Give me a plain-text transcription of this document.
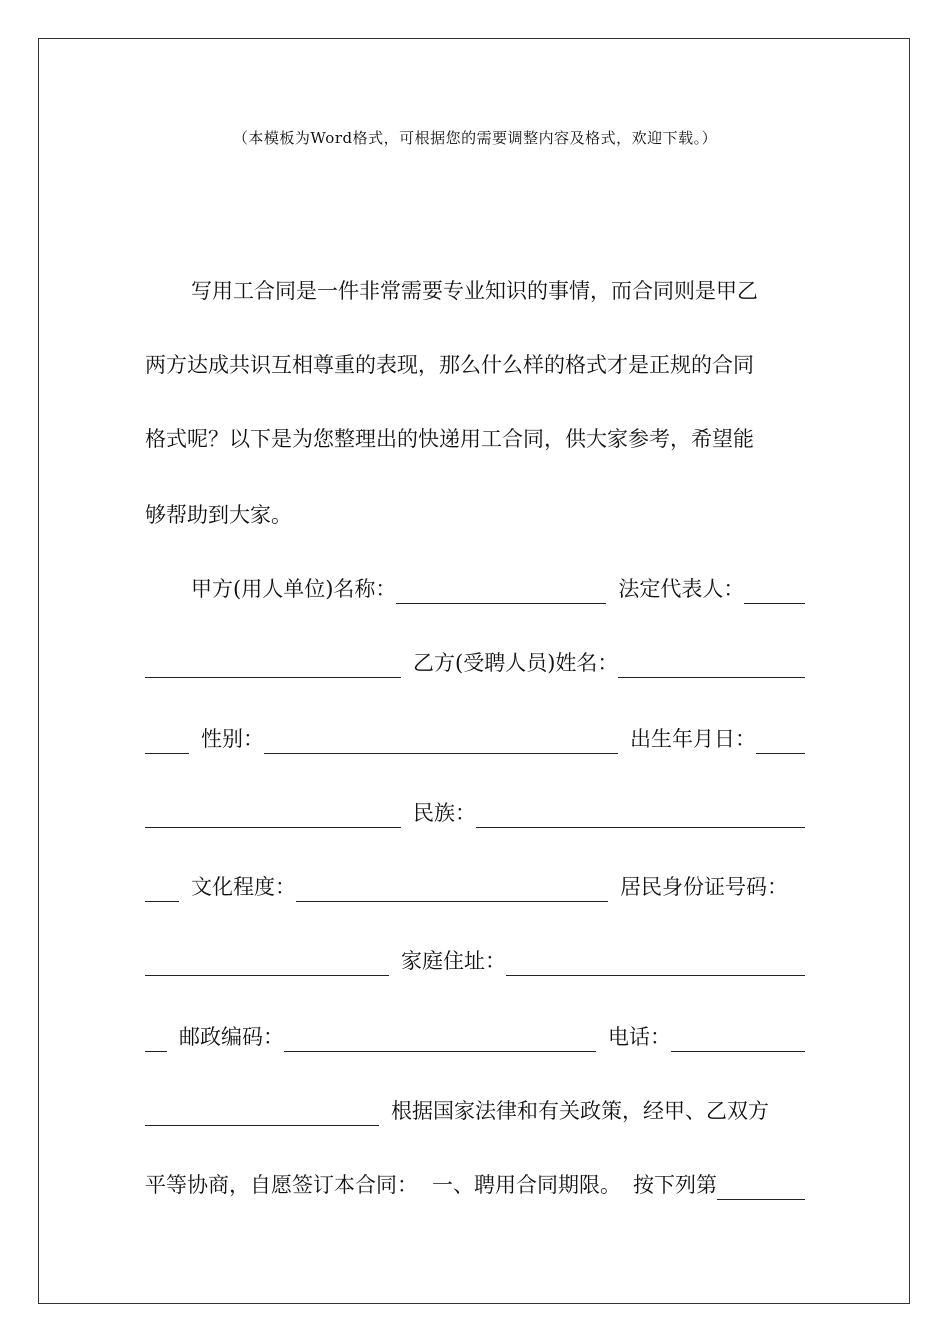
（本模板为Word格式，可根据您的需要调整内容及格式，欢迎下载。）
写用工合同是一件非常需要专业知识的事情，而合同则是甲乙
两方达成共识互相尊重的表现，那么什么样的格式才是正规的合同
格式呢？以下是为您整理出的快递用工合同，供大家参考，希望能
够帮助到大家。
甲方(用人单位)名称：	法定代表人：
乙方(受聘人员)姓名：
性别：	出生年月日：
民族：
文化程度：	居民身份证号码：
家庭住址：
邮政编码：	电话：
根据国家法律和有关政策，经甲、乙双方
平等协商，自愿签订本合同： 一、聘用合同期限。 按下列第
